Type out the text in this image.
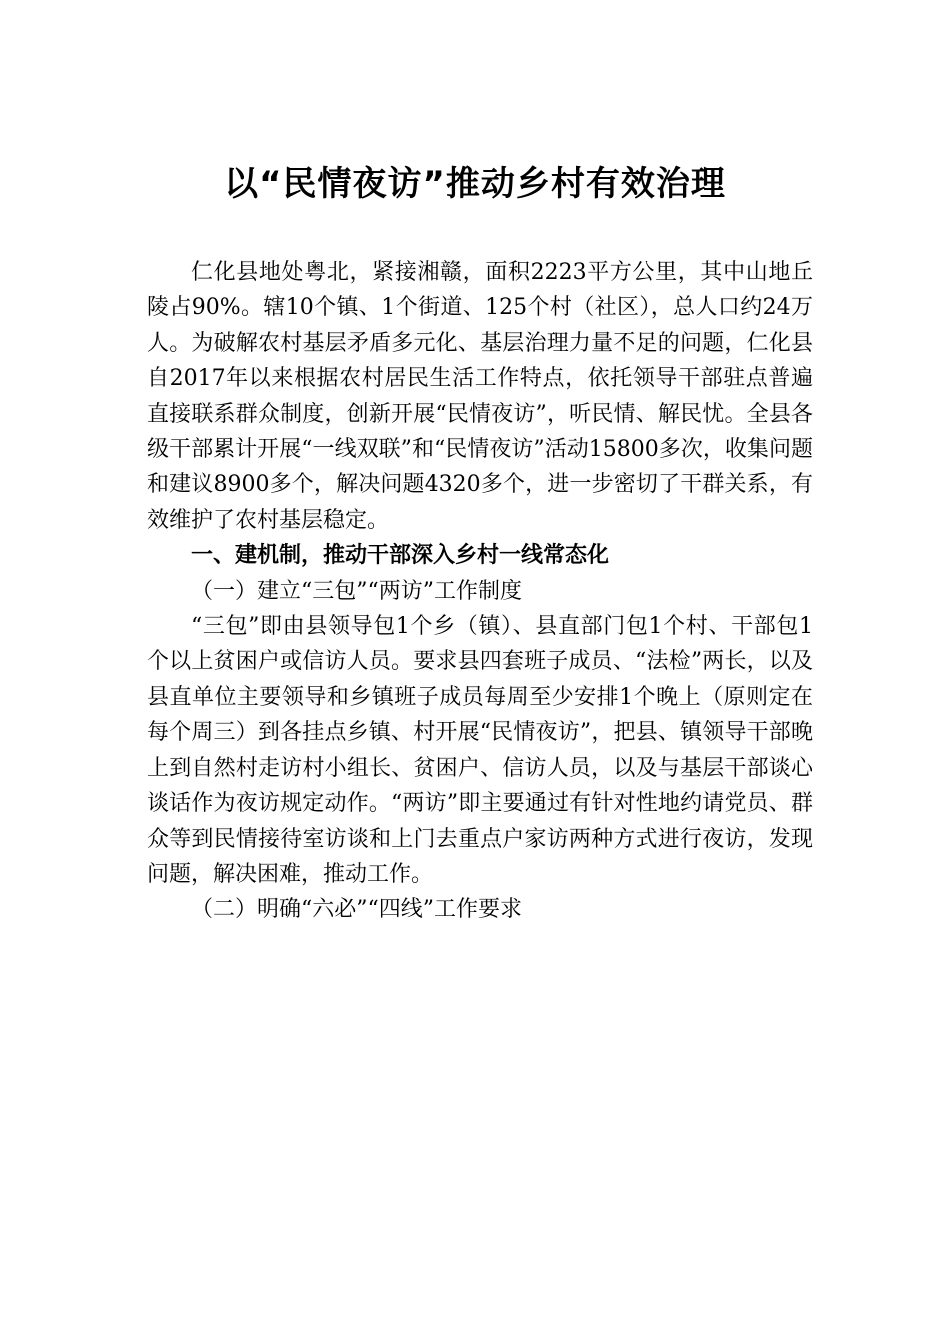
以“民情夜访”推动乡村有效治理

仁化县地处粤北，紧接湘赣，面积2223平方公里，其中山地丘陵占90%。辖10个镇、1个街道、125个村（社区），总人口约24万人。为破解农村基层矛盾多元化、基层治理力量不足的问题，仁化县自2017年以来根据农村居民生活工作特点，依托领导干部驻点普遍直接联系群众制度，创新开展“民情夜访”，听民情、解民忧。全县各级干部累计开展“一线双联”和“民情夜访”活动15800多次，收集问题和建议8900多个，解决问题4320多个，进一步密切了干群关系，有效维护了农村基层稳定。

一、建机制，推动干部深入乡村一线常态化
（一）建立“三包”“两访”工作制度

“三包”即由县领导包1个乡（镇）、县直部门包1个村、干部包1个以上贫困户或信访人员。要求县四套班子成员、“法检”两长，以及县直单位主要领导和乡镇班子成员每周至少安排1个晚上（原则定在每个周三）到各挂点乡镇、村开展“民情夜访”，把县、镇领导干部晚上到自然村走访村小组长、贫困户、信访人员，以及与基层干部谈心谈话作为夜访规定动作。“两访”即主要通过有针对性地约请党员、群众等到民情接待室访谈和上门去重点户家访两种方式进行夜访，发现问题，解决困难，推动工作。

（二）明确“六必”“四线”工作要求
